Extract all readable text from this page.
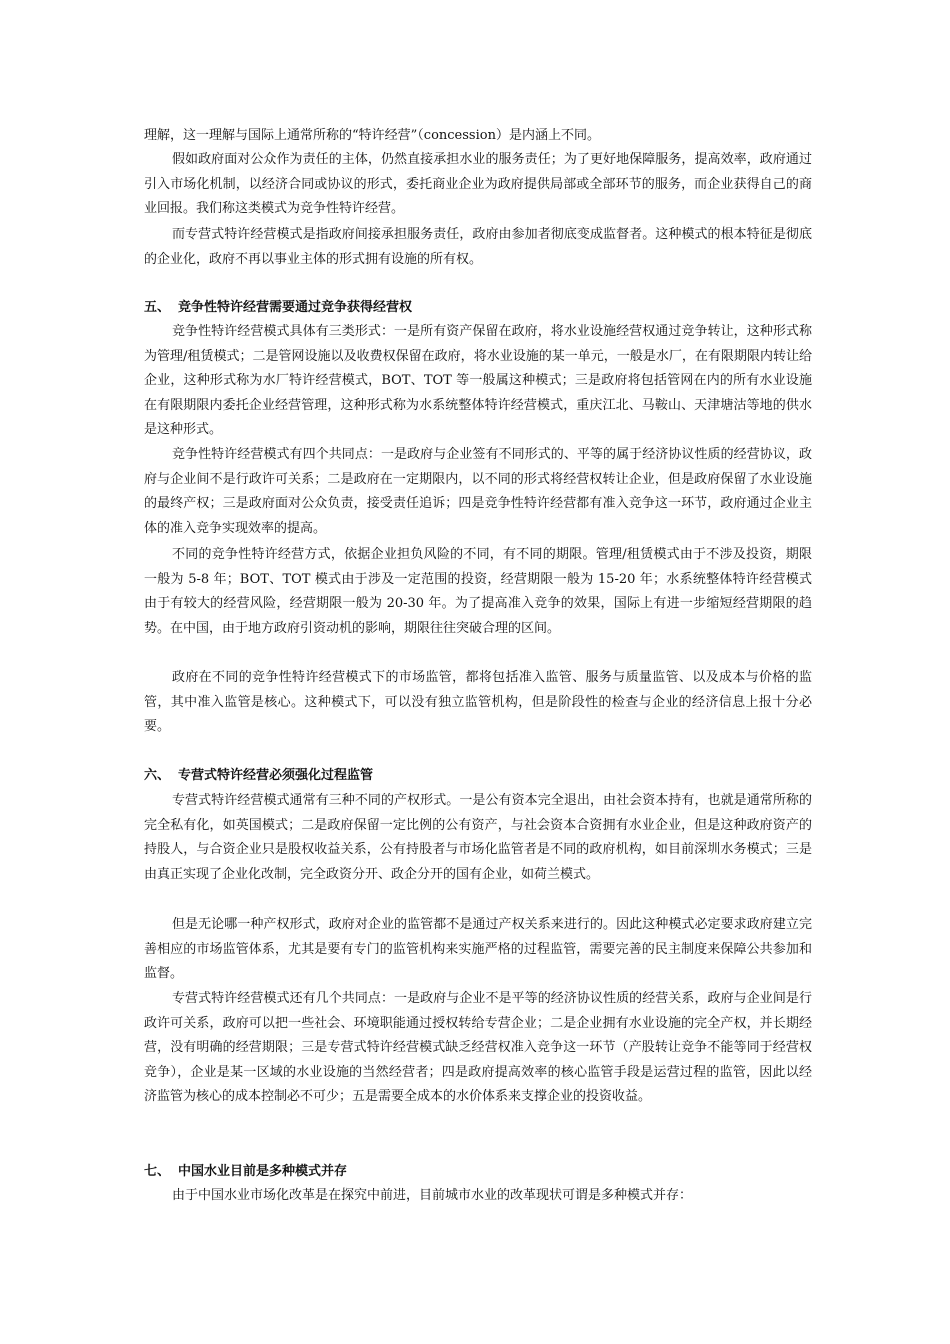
理解，这一理解与国际上通常所称的“特许经营”（concession）是内涵上不同。

假如政府面对公众作为责任的主体，仍然直接承担水业的服务责任；为了更好地保障服务，提高效率，政府通过引入市场化机制，以经济合同或协议的形式，委托商业企业为政府提供局部或全部环节的服务，而企业获得自己的商业回报。我们称这类模式为竞争性特许经营。

而专营式特许经营模式是指政府间接承担服务责任，政府由参加者彻底变成监督者。这种模式的根本特征是彻底的企业化，政府不再以事业主体的形式拥有设施的所有权。

五、 竞争性特许经营需要通过竞争获得经营权

竞争性特许经营模式具体有三类形式：一是所有资产保留在政府，将水业设施经营权通过竞争转让，这种形式称为管理/租赁模式；二是管网设施以及收费权保留在政府，将水业设施的某一单元，一般是水厂，在有限期限内转让给企业，这种形式称为水厂特许经营模式，BOT、TOT 等一般属这种模式；三是政府将包括管网在内的所有水业设施在有限期限内委托企业经营管理，这种形式称为水系统整体特许经营模式，重庆江北、马鞍山、天津塘沽等地的供水是这种形式。

竞争性特许经营模式有四个共同点：一是政府与企业签有不同形式的、平等的属于经济协议性质的经营协议，政府与企业间不是行政许可关系；二是政府在一定期限内，以不同的形式将经营权转让企业，但是政府保留了水业设施的最终产权；三是政府面对公众负责，接受责任追诉；四是竞争性特许经营都有准入竞争这一环节，政府通过企业主体的准入竞争实现效率的提高。

不同的竞争性特许经营方式，依据企业担负风险的不同，有不同的期限。管理/租赁模式由于不涉及投资，期限一般为 5-8 年；BOT、TOT 模式由于涉及一定范围的投资，经营期限一般为 15-20 年；水系统整体特许经营模式由于有较大的经营风险，经营期限一般为 20-30 年。为了提高准入竞争的效果，国际上有进一步缩短经营期限的趋势。在中国，由于地方政府引资动机的影响，期限往往突破合理的区间。

政府在不同的竞争性特许经营模式下的市场监管，都将包括准入监管、服务与质量监管、以及成本与价格的监管，其中准入监管是核心。这种模式下，可以没有独立监管机构，但是阶段性的检查与企业的经济信息上报十分必要。

六、 专营式特许经营必须强化过程监管

专营式特许经营模式通常有三种不同的产权形式。一是公有资本完全退出，由社会资本持有，也就是通常所称的完全私有化，如英国模式；二是政府保留一定比例的公有资产，与社会资本合资拥有水业企业，但是这种政府资产的持股人，与合资企业只是股权收益关系，公有持股者与市场化监管者是不同的政府机构，如目前深圳水务模式；三是由真正实现了企业化改制，完全政资分开、政企分开的国有企业，如荷兰模式。

但是无论哪一种产权形式，政府对企业的监管都不是通过产权关系来进行的。因此这种模式必定要求政府建立完善相应的市场监管体系，尤其是要有专门的监管机构来实施严格的过程监管，需要完善的民主制度来保障公共参加和监督。

专营式特许经营模式还有几个共同点：一是政府与企业不是平等的经济协议性质的经营关系，政府与企业间是行政许可关系，政府可以把一些社会、环境职能通过授权转给专营企业；二是企业拥有水业设施的完全产权，并长期经营，没有明确的经营期限；三是专营式特许经营模式缺乏经营权准入竞争这一环节（产股转让竞争不能等同于经营权竞争），企业是某一区域的水业设施的当然经营者；四是政府提高效率的核心监管手段是运营过程的监管，因此以经济监管为核心的成本控制必不可少；五是需要全成本的水价体系来支撑企业的投资收益。

七、 中国水业目前是多种模式并存

由于中国水业市场化改革是在探究中前进，目前城市水业的改革现状可谓是多种模式并存：
